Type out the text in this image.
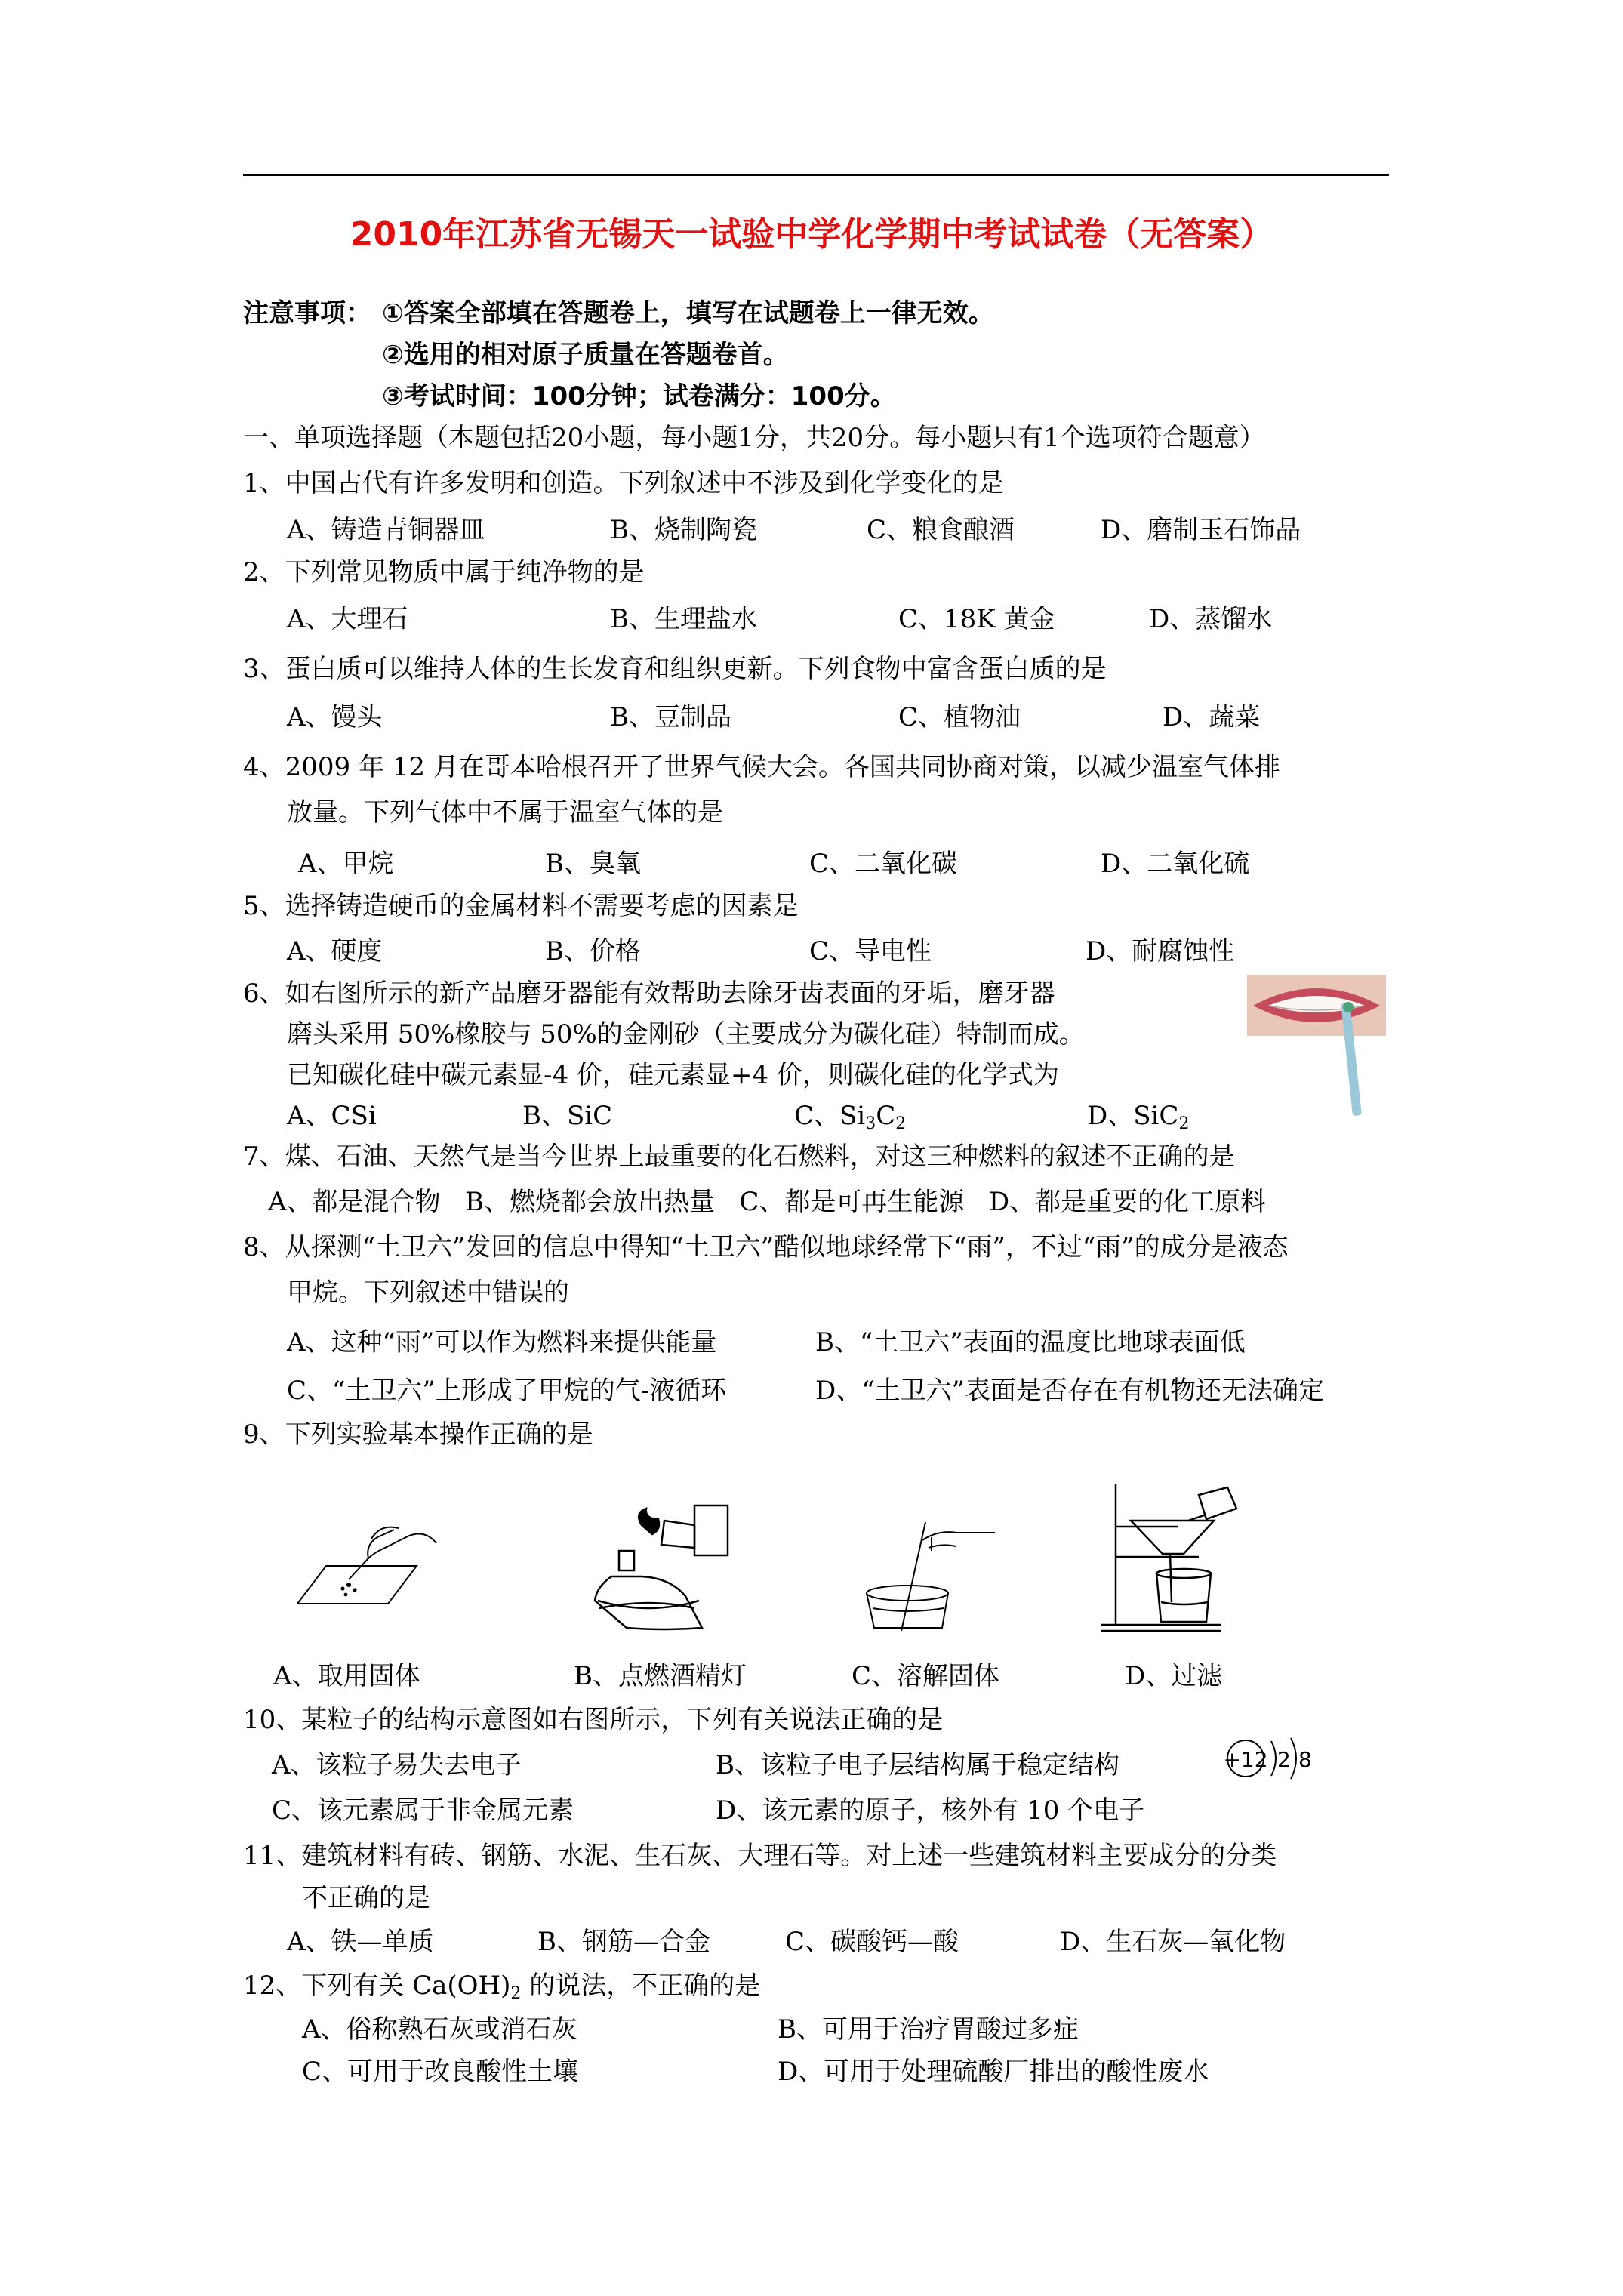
2010年江苏省无锡天一试验中学化学期中考试试卷（无答案）
注意事项： ①答案全部填在答题卷上，填写在试题卷上一律无效。
②选用的相对原子质量在答题卷首。
③考试时间：100分钟；试卷满分：100分。
一、单项选择题（本题包括20小题，每小题1分，共20分。每小题只有1个选项符合题意）
1、中国古代有许多发明和创造。下列叙述中不涉及到化学变化的是
A、铸造青铜器皿	B、烧制陶瓷	C、粮食酿酒	D、磨制玉石饰品
2、下列常见物质中属于纯净物的是
A、大理石	B、生理盐水	C、18K 黄金	D、蒸馏水
3、蛋白质可以维持人体的生长发育和组织更新。下列食物中富含蛋白质的是
A、馒头	B、豆制品	C、植物油	D、蔬菜
4、2009 年 12 月在哥本哈根召开了世界气候大会。各国共同协商对策，以减少温室气体排
放量。下列气体中不属于温室气体的是
A、甲烷	B、臭氧	C、二氧化碳	D、二氧化硫
5、选择铸造硬币的金属材料不需要考虑的因素是
A、硬度	B、价格	C、导电性	D、耐腐蚀性
6、如右图所示的新产品磨牙器能有效帮助去除牙齿表面的牙垢，磨牙器
磨头采用 50%橡胶与 50%的金刚砂（主要成分为碳化硅）特制而成。
已知碳化硅中碳元素显-4 价，硅元素显+4 价，则碳化硅的化学式为
A、CSi	B、SiC	C、$Si_3C_2$	D、SiC$_2$
7、煤、石油、天然气是当今世界上最重要的化石燃料，对这三种燃料的叙述不正确的是
A、都是混合物   B、燃烧都会放出热量   C、都是可再生能源   D、都是重要的化工原料
8、从探测“土卫六”发回的信息中得知“土卫六”酷似地球经常下“雨”，不过“雨”的成分是液态
甲烷。下列叙述中错误的
A、这种“雨”可以作为燃料来提供能量	B、“土卫六”表面的温度比地球表面低
C、“土卫六”上形成了甲烷的气-液循环	D、“土卫六”表面是否存在有机物还无法确定
9、下列实验基本操作正确的是
A、取用固体	B、点燃酒精灯	C、溶解固体	D、过滤
10、某粒子的结构示意图如右图所示，下列有关说法正确的是
A、该粒子易失去电子	B、该粒子电子层结构属于稳定结构
C、该元素属于非金属元素	D、该元素的原子，核外有 10 个电子
+12 2 8
11、建筑材料有砖、钢筋、水泥、生石灰、大理石等。对上述一些建筑材料主要成分的分类
不正确的是
A、铁—单质	B、钢筋—合金	C、碳酸钙—酸	D、生石灰—氧化物
12、下列有关 $Ca(OH)_2$ 的说法，不正确的是
A、俗称熟石灰或消石灰	B、可用于治疗胃酸过多症
C、可用于改良酸性土壤	D、可用于处理硫酸厂排出的酸性废水
